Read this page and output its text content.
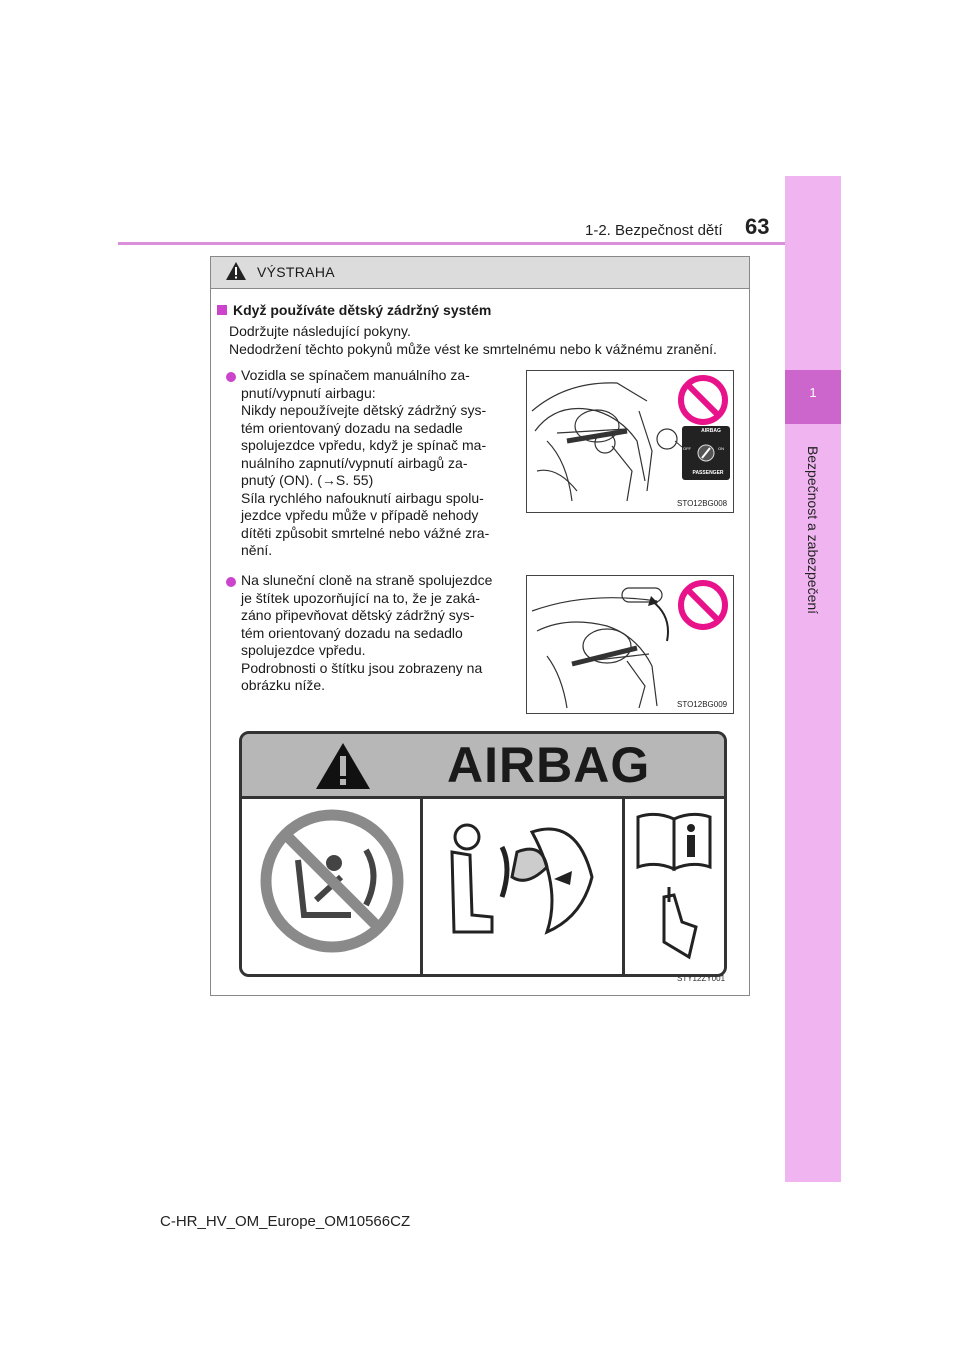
1
Bezpečnost a zabezpečení
1-2. Bezpečnost dětí 63
VÝSTRAHA
Když používáte dětský zádržný systém
Dodržujte následující pokyny.
Nedodržení těchto pokynů může vést ke smrtelnému nebo k vážnému zranění.
Vozidla se spínačem manuálního za-
pnutí/vypnutí airbagu:
Nikdy nepoužívejte dětský zádržný sys-
tém orientovaný dozadu na sedadle
spolujezdce vpředu, když je spínač ma-
nuálního zapnutí/vypnutí airbagů za-
pnutý (ON). (→S. 55)
Síla rychlého nafouknutí airbagu spolu-
jezdce vpředu může v případě nehody
dítěti způsobit smrtelné nebo vážné zra-
nění.
AIRBAG
OFF	ON
PASSENGER
STO12BG008
Na sluneční cloně na straně spolujezdce
je štítek upozorňující na to, že je zaká-
záno připevňovat dětský zádržný sys-
tém orientovaný dozadu na sedadlo
spolujezdce vpředu.
Podrobnosti o štítku jsou zobrazeny na
obrázku níže.
STO12BG009
AIRBAG
STY12ZY001
C-HR_HV_OM_Europe_OM10566CZ
